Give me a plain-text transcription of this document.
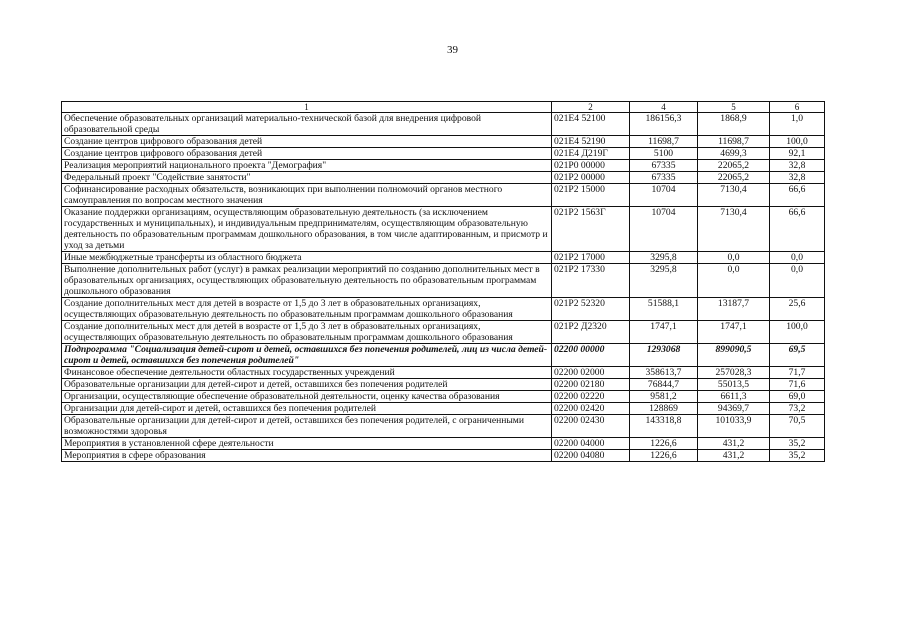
39
1	2	4	5	6
Обеспечение образовательных организаций материально-технической базой для внедрения цифровой образовательной среды	021E4 52100	186156,3	1868,9	1,0
Создание центров цифрового образования детей	021E4 52190	11698,7	11698,7	100,0
Создание центров цифрового образования детей	021E4 Д219Г	5100	4699,3	92,1
Реализация мероприятий национального проекта "Демография"	021Р0 00000	67335	22065,2	32,8
Федеральный проект "Содействие занятости"	021Р2 00000	67335	22065,2	32,8
Софинансирование расходных обязательств, возникающих при выполнении полномочий органов местного самоуправления по вопросам местного значения	021Р2 15000	10704	7130,4	66,6
Оказание поддержки организациям, осуществляющим образовательную деятельность (за исключением государственных и муниципальных), и индивидуальным предпринимателям, осуществляющим образовательную деятельность по образовательным программам дошкольного образования, в том числе адаптированным, и присмотр и уход за детьми	021Р2 1563Г	10704	7130,4	66,6
Иные межбюджетные трансферты из областного бюджета	021Р2 17000	3295,8	0,0	0,0
Выполнение дополнительных работ (услуг) в рамках реализации мероприятий по созданию дополнительных мест в образовательных организациях, осуществляющих образовательную деятельность по образовательным программам дошкольного образования	021Р2 17330	3295,8	0,0	0,0
Создание дополнительных мест для детей в возрасте от 1,5 до 3 лет в образовательных организациях, осуществляющих образовательную деятельность по образовательным программам дошкольного образования	021Р2 52320	51588,1	13187,7	25,6
Создание дополнительных мест для детей в возрасте от 1,5 до 3 лет в образовательных организациях, осуществляющих образовательную деятельность по образовательным программам дошкольного образования	021Р2 Д2320	1747,1	1747,1	100,0
Подпрограмма "Социализация детей-сирот и детей, оставшихся без попечения родителей, лиц из числа детей-сирот и детей, оставшихся без попечения родителей"	02200 00000	1293068	899090,5	69,5
Финансовое обеспечение деятельности областных государственных учреждений	02200 02000	358613,7	257028,3	71,7
Образовательные организации для детей-сирот и детей, оставшихся без попечения родителей	02200 02180	76844,7	55013,5	71,6
Организации, осуществляющие обеспечение образовательной деятельности, оценку качества образования	02200 02220	9581,2	6611,3	69,0
Организации для детей-сирот и детей, оставшихся без попечения родителей	02200 02420	128869	94369,7	73,2
Образовательные организации для детей-сирот и детей, оставшихся без попечения родителей, с ограниченными возможностями здоровья	02200 02430	143318,8	101033,9	70,5
Мероприятия в установленной сфере деятельности	02200 04000	1226,6	431,2	35,2
Мероприятия в сфере образования	02200 04080	1226,6	431,2	35,2
